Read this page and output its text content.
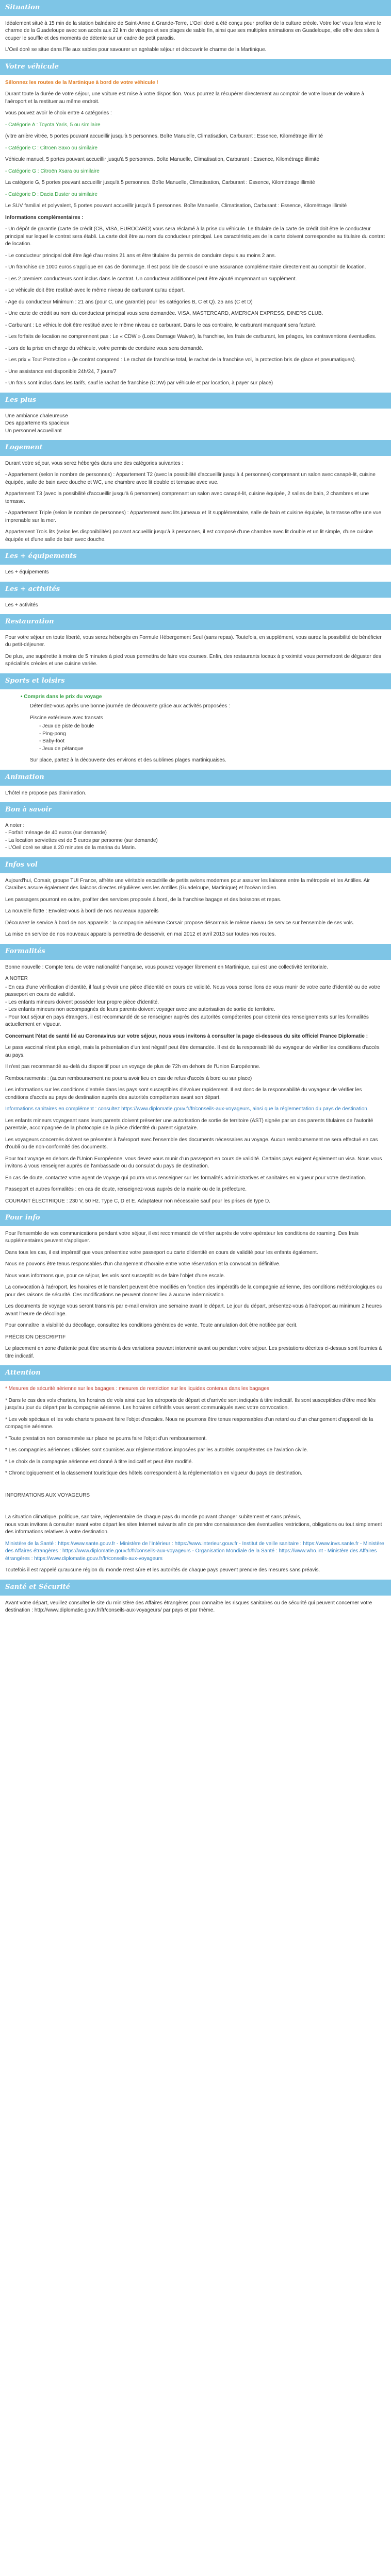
Situation

Idéalement situé à 15 min de la station balnéaire de Saint-Anne à Grande-Terre, L'Oeil doré a été conçu pour profiter de la culture créole. Votre loc' vous fera vivre le charme de la Guadeloupe avec son accès aux 22 km de visages et ses plages de sable fin, ainsi que ses multiples animations en Guadeloupe, elle offre des sites à couper le souffle et des moments de détente sur un cadre de petit paradis.

L'Oeil doré se situe dans l'île aux sables pour savourer un agréable séjour et découvrir le charme de la Martinique.

Votre véhicule

Sillonnez les routes de la Martinique à bord de votre véhicule !

Durant toute la durée de votre séjour, une voiture est mise à votre disposition. Vous pourrez la récupérer directement au comptoir de votre loueur de voiture à l'aéroport et la restituer au même endroit.

Vous pouvez avoir le choix entre 4 catégories :

- Catégorie A : Toyota Yaris, 5 ou similaire

(vitre arrière vitrée, 5 portes pouvant accueillir jusqu'à 5 personnes. Boîte Manuelle, Climatisation, Carburant : Essence, Kilométrage illimité

- Catégorie C : Citroën Saxo ou similaire

Véhicule manuel, 5 portes pouvant accueillir jusqu'à 5 personnes. Boîte Manuelle, Climatisation, Carburant : Essence, Kilométrage illimité

- Catégorie G : Citroën Xsara ou similaire

La catégorie G, 5 portes pouvant accueillir jusqu'à 5 personnes. Boîte Manuelle, Climatisation, Carburant : Essence, Kilométrage illimité

- Catégorie D : Dacia Duster ou similaire

Le SUV familial et polyvalent, 5 portes pouvant accueillir jusqu'à 5 personnes. Boîte Manuelle, Climatisation, Carburant : Essence, Kilométrage illimité

Informations complémentaires :

- Un dépôt de garantie (carte de crédit (CB, VISA, EUROCARD) vous sera réclamé à la prise du véhicule. Le titulaire de la carte de crédit doit être le conducteur principal sur lequel le contrat sera établi. La carte doit être au nom du conducteur principal. Les caractéristiques de la carte doivent correspondre au titulaire du contrat de location.

- Le conducteur principal doit être âgé d'au moins 21 ans et être titulaire du permis de conduire depuis au moins 2 ans.

- Un franchise de 1000 euros s'applique en cas de dommage. Il est possible de souscrire une assurance complémentaire directement au comptoir de location.

- Les 2 premiers conducteurs sont inclus dans le contrat. Un conducteur additionnel peut être ajouté moyennant un supplément.

- Le véhicule doit être restitué avec le même niveau de carburant qu'au départ.

- Age du conducteur Minimum : 21 ans (pour C, une garantie) pour les catégories B, C et Q). 25 ans (C et D)

- Une carte de crédit au nom du conducteur principal vous sera demandée. VISA, MASTERCARD, AMERICAN EXPRESS, DINERS CLUB.

- Carburant : Le véhicule doit être restitué avec le même niveau de carburant. Dans le cas contraire, le carburant manquant sera facturé.

- Les forfaits de location ne comprennent pas : Le « CDW » (Loss Damage Waiver), la franchise, les frais de carburant, les péages, les contraventions éventuelles.

- Lors de la prise en charge du véhicule, votre permis de conduire vous sera demandé.

- Les prix « Tout Protection » (le contrat comprend : Le rachat de franchise total, le rachat de la franchise vol, la protection bris de glace et pneumatiques).

- Une assistance est disponible 24h/24, 7 jours/7

- Un frais sont inclus dans les tarifs, sauf le rachat de franchise (CDW) par véhicule et par location, à payer sur place)

Les plus

Une ambiance chaleureuse

Des appartements spacieux

Un personnel accueillant

Logement

Durant votre séjour, vous serez hébergés dans une des catégories suivantes :

- Appartement (selon le nombre de personnes) : Appartement T2 (avec la possibilité d'accueillir jusqu'à 4 personnes) comprenant un salon avec canapé-lit, cuisine équipée, salle de bain avec douche et WC, une chambre avec lit double et terrasse avec vue.

Appartement T3 (avec la possibilité d'accueillir jusqu'à 6 personnes) comprenant un salon avec canapé-lit, cuisine équipée, 2 salles de bain, 2 chambres et une terrasse.

- Appartement Triple (selon le nombre de personnes) : Appartement avec lits jumeaux et lit supplémentaire, salle de bain et cuisine équipée, la terrasse offre une vue imprenable sur la mer.

Appartement Trois lits (selon les disponibilités) pouvant accueillir jusqu'à 3 personnes, il est composé d'une chambre avec lit double et un lit simple, d'une cuisine équipée et d'une salle de bain avec douche.

Les + équipements

Les + équipements

Les + activités

Les + activités

Restauration

Pour votre séjour en toute liberté, vous serez hébergés en Formule Hébergement Seul (sans repas). Toutefois, en supplément, vous aurez la possibilité de bénéficier du petit-déjeuner.

De plus, une supérette à moins de 5 minutes à pied vous permettra de faire vos courses. Enfin, des restaurants locaux à proximité vous permettront de déguster des spécialités créoles et une cuisine variée.

Sports et loisirs

• Compris dans le prix du voyage

Détendez-vous après une bonne journée de découverte grâce aux activités proposées :

Piscine extérieure avec transats

- Jeux de piste de boule

- Ping-pong

- Baby-foot

- Jeux de pétanque

Sur place, partez à la découverte des environs et des sublimes plages martiniquaises.

Animation

L'hôtel ne propose pas d'animation.

Bon à savoir

A noter :

- Forfait ménage de 40 euros (sur demande)

- La location serviettes est de 5 euros par personne (sur demande)

- L'Oeil doré se situe à 20 minutes de la marina du Marin.

Infos vol

Aujourd'hui, Corsair, groupe TUI France, affrète une véritable escadrille de petits avions modernes pour assurer les liaisons entre la métropole et les Antilles. Air Caraïbes assure également des liaisons directes régulières vers les Antilles (Guadeloupe, Martinique) et l'océan Indien.

Les passagers pourront en outre, profiter des services proposés à bord, de la franchise bagage et des boissons et repas.

La nouvelle flotte : Envolez-vous à bord de nos nouveaux appareils

Découvrez le service à bord de nos appareils : la compagnie aérienne Corsair propose désormais le même niveau de service sur l'ensemble de ses vols.

La mise en service de nos nouveaux appareils permettra de desservir, en mai 2012 et avril 2013 sur toutes nos routes.

Formalités

Bonne nouvelle : Compte tenu de votre nationalité française, vous pouvez voyager librement en Martinique, qui est une collectivité territoriale.

A NOTER

- En cas d'une vérification d'identité, il faut prévoir une pièce d'identité en cours de validité. Nous vous conseillons de vous munir de votre carte d'identité ou de votre passeport en cours de validité.

- Les enfants mineurs doivent posséder leur propre pièce d'identité.

- Les enfants mineurs non accompagnés de leurs parents doivent voyager avec une autorisation de sortie de territoire.

- Pour tout séjour en pays étrangers, il est recommandé de se renseigner auprès des autorités compétentes pour obtenir des renseignements sur les formalités actuellement en vigueur.

Concernant l'état de santé lié au Coronavirus sur votre séjour, nous vous invitons à consulter la page ci-dessous du site officiel France Diplomatie :

Le pass vaccinal n'est plus exigé, mais la présentation d'un test négatif peut être demandée. Il est de la responsabilité du voyageur de vérifier les conditions d'accès au pays.

Il n'est pas recommandé au-delà du dispositif pour un voyage de plus de 72h en dehors de l'Union Européenne.

Remboursements : (aucun remboursement ne pourra avoir lieu en cas de refus d'accès à bord ou sur place)

Les informations sur les conditions d'entrée dans les pays sont susceptibles d'évoluer rapidement. Il est donc de la responsabilité du voyageur de vérifier les conditions d'accès au pays de destination auprès des autorités compétentes avant son départ.

Informations sanitaires en complément : consultez https://www.diplomatie.gouv.fr/fr/conseils-aux-voyageurs, ainsi que la réglementation du pays de destination.

Les enfants mineurs voyageant sans leurs parents doivent présenter une autorisation de sortie de territoire (AST) signée par un des parents titulaires de l'autorité parentale, accompagnée de la photocopie de la pièce d'identité du parent signataire.

Les voyageurs concernés doivent se présenter à l'aéroport avec l'ensemble des documents nécessaires au voyage. Aucun remboursement ne sera effectué en cas d'oubli ou de non-conformité des documents.

Pour tout voyage en dehors de l'Union Européenne, vous devez vous munir d'un passeport en cours de validité. Certains pays exigent également un visa. Nous vous invitons à vous renseigner auprès de l'ambassade ou du consulat du pays de destination.

En cas de doute, contactez votre agent de voyage qui pourra vous renseigner sur les formalités administratives et sanitaires en vigueur pour votre destination.

Passeport et autres formalités : en cas de doute, renseignez-vous auprès de la mairie ou de la préfecture.

COURANT ÉLECTRIQUE : 230 V, 50 Hz. Type C, D et E. Adaptateur non nécessaire sauf pour les prises de type D.

Pour info

Pour l'ensemble de vos communications pendant votre séjour, il est recommandé de vérifier auprès de votre opérateur les conditions de roaming. Des frais supplémentaires peuvent s'appliquer.

Dans tous les cas, il est impératif que vous présentiez votre passeport ou carte d'identité en cours de validité pour les enfants également.

Nous ne pouvons être tenus responsables d'un changement d'horaire entre votre réservation et la convocation définitive.

Nous vous informons que, pour ce séjour, les vols sont susceptibles de faire l'objet d'une escale.

La convocation à l'aéroport, les horaires et le transfert peuvent être modifiés en fonction des impératifs de la compagnie aérienne, des conditions météorologiques ou pour des raisons de sécurité. Ces modifications ne peuvent donner lieu à aucune indemnisation.

Les documents de voyage vous seront transmis par e-mail environ une semaine avant le départ. Le jour du départ, présentez-vous à l'aéroport au minimum 2 heures avant l'heure de décollage.

Pour connaître la visibilité du décollage, consultez les conditions générales de vente. Toute annulation doit être notifiée par écrit.

PRÉCISION DESCRIPTIF

Le placement en zone d'attente peut être soumis à des variations pouvant intervenir avant ou pendant votre séjour. Les prestations décrites ci-dessus sont fournies à titre indicatif.

Attention

* Mesures de sécurité aérienne sur les bagages : mesures de restriction sur les liquides contenus dans les bagages

* Dans le cas des vols charters, les horaires de vols ainsi que les aéroports de départ et d'arrivée sont indiqués à titre indicatif. Ils sont susceptibles d'être modifiés jusqu'au jour du départ par la compagnie aérienne. Les horaires définitifs vous seront communiqués avec votre convocation.

* Les vols spéciaux et les vols charters peuvent faire l'objet d'escales. Nous ne pourrons être tenus responsables d'un retard ou d'un changement d'appareil de la compagnie aérienne.

* Toute prestation non consommée sur place ne pourra faire l'objet d'un remboursement.

* Les compagnies aériennes utilisées sont soumises aux réglementations imposées par les autorités compétentes de l'aviation civile.

* Le choix de la compagnie aérienne est donné à titre indicatif et peut être modifié.

* Chronologiquement et la classement touristique des hôtels correspondent à la réglementation en vigueur du pays de destination.

INFORMATIONS AUX VOYAGEURS

La situation climatique, politique, sanitaire, réglementaire de chaque pays du monde pouvant changer subitement et sans préavis,

nous vous invitons à consulter avant votre départ les sites Internet suivants afin de prendre connaissance des éventuelles restrictions, obligations ou tout simplement des informations relatives à votre destination.

Ministère de la Santé : https://www.sante.gouv.fr - Ministère de l'Intérieur : https://www.interieur.gouv.fr - Institut de veille sanitaire : https://www.invs.sante.fr - Ministère des Affaires étrangères : https://www.diplomatie.gouv.fr/fr/conseils-aux-voyageurs - Organisation Mondiale de la Santé : https://www.who.int - Ministère des Affaires étrangères : https://www.diplomatie.gouv.fr/fr/conseils-aux-voyageurs

Toutefois il est rappelé qu'aucune région du monde n'est sûre et les autorités de chaque pays peuvent prendre des mesures sans préavis.

Santé et Sécurité

Avant votre départ, veuillez consulter le site du ministère des Affaires étrangères pour connaître les risques sanitaires ou de sécurité qui peuvent concerner votre destination : http://www.diplomatie.gouv.fr/fr/conseils-aux-voyageurs/ par pays et par thème.
